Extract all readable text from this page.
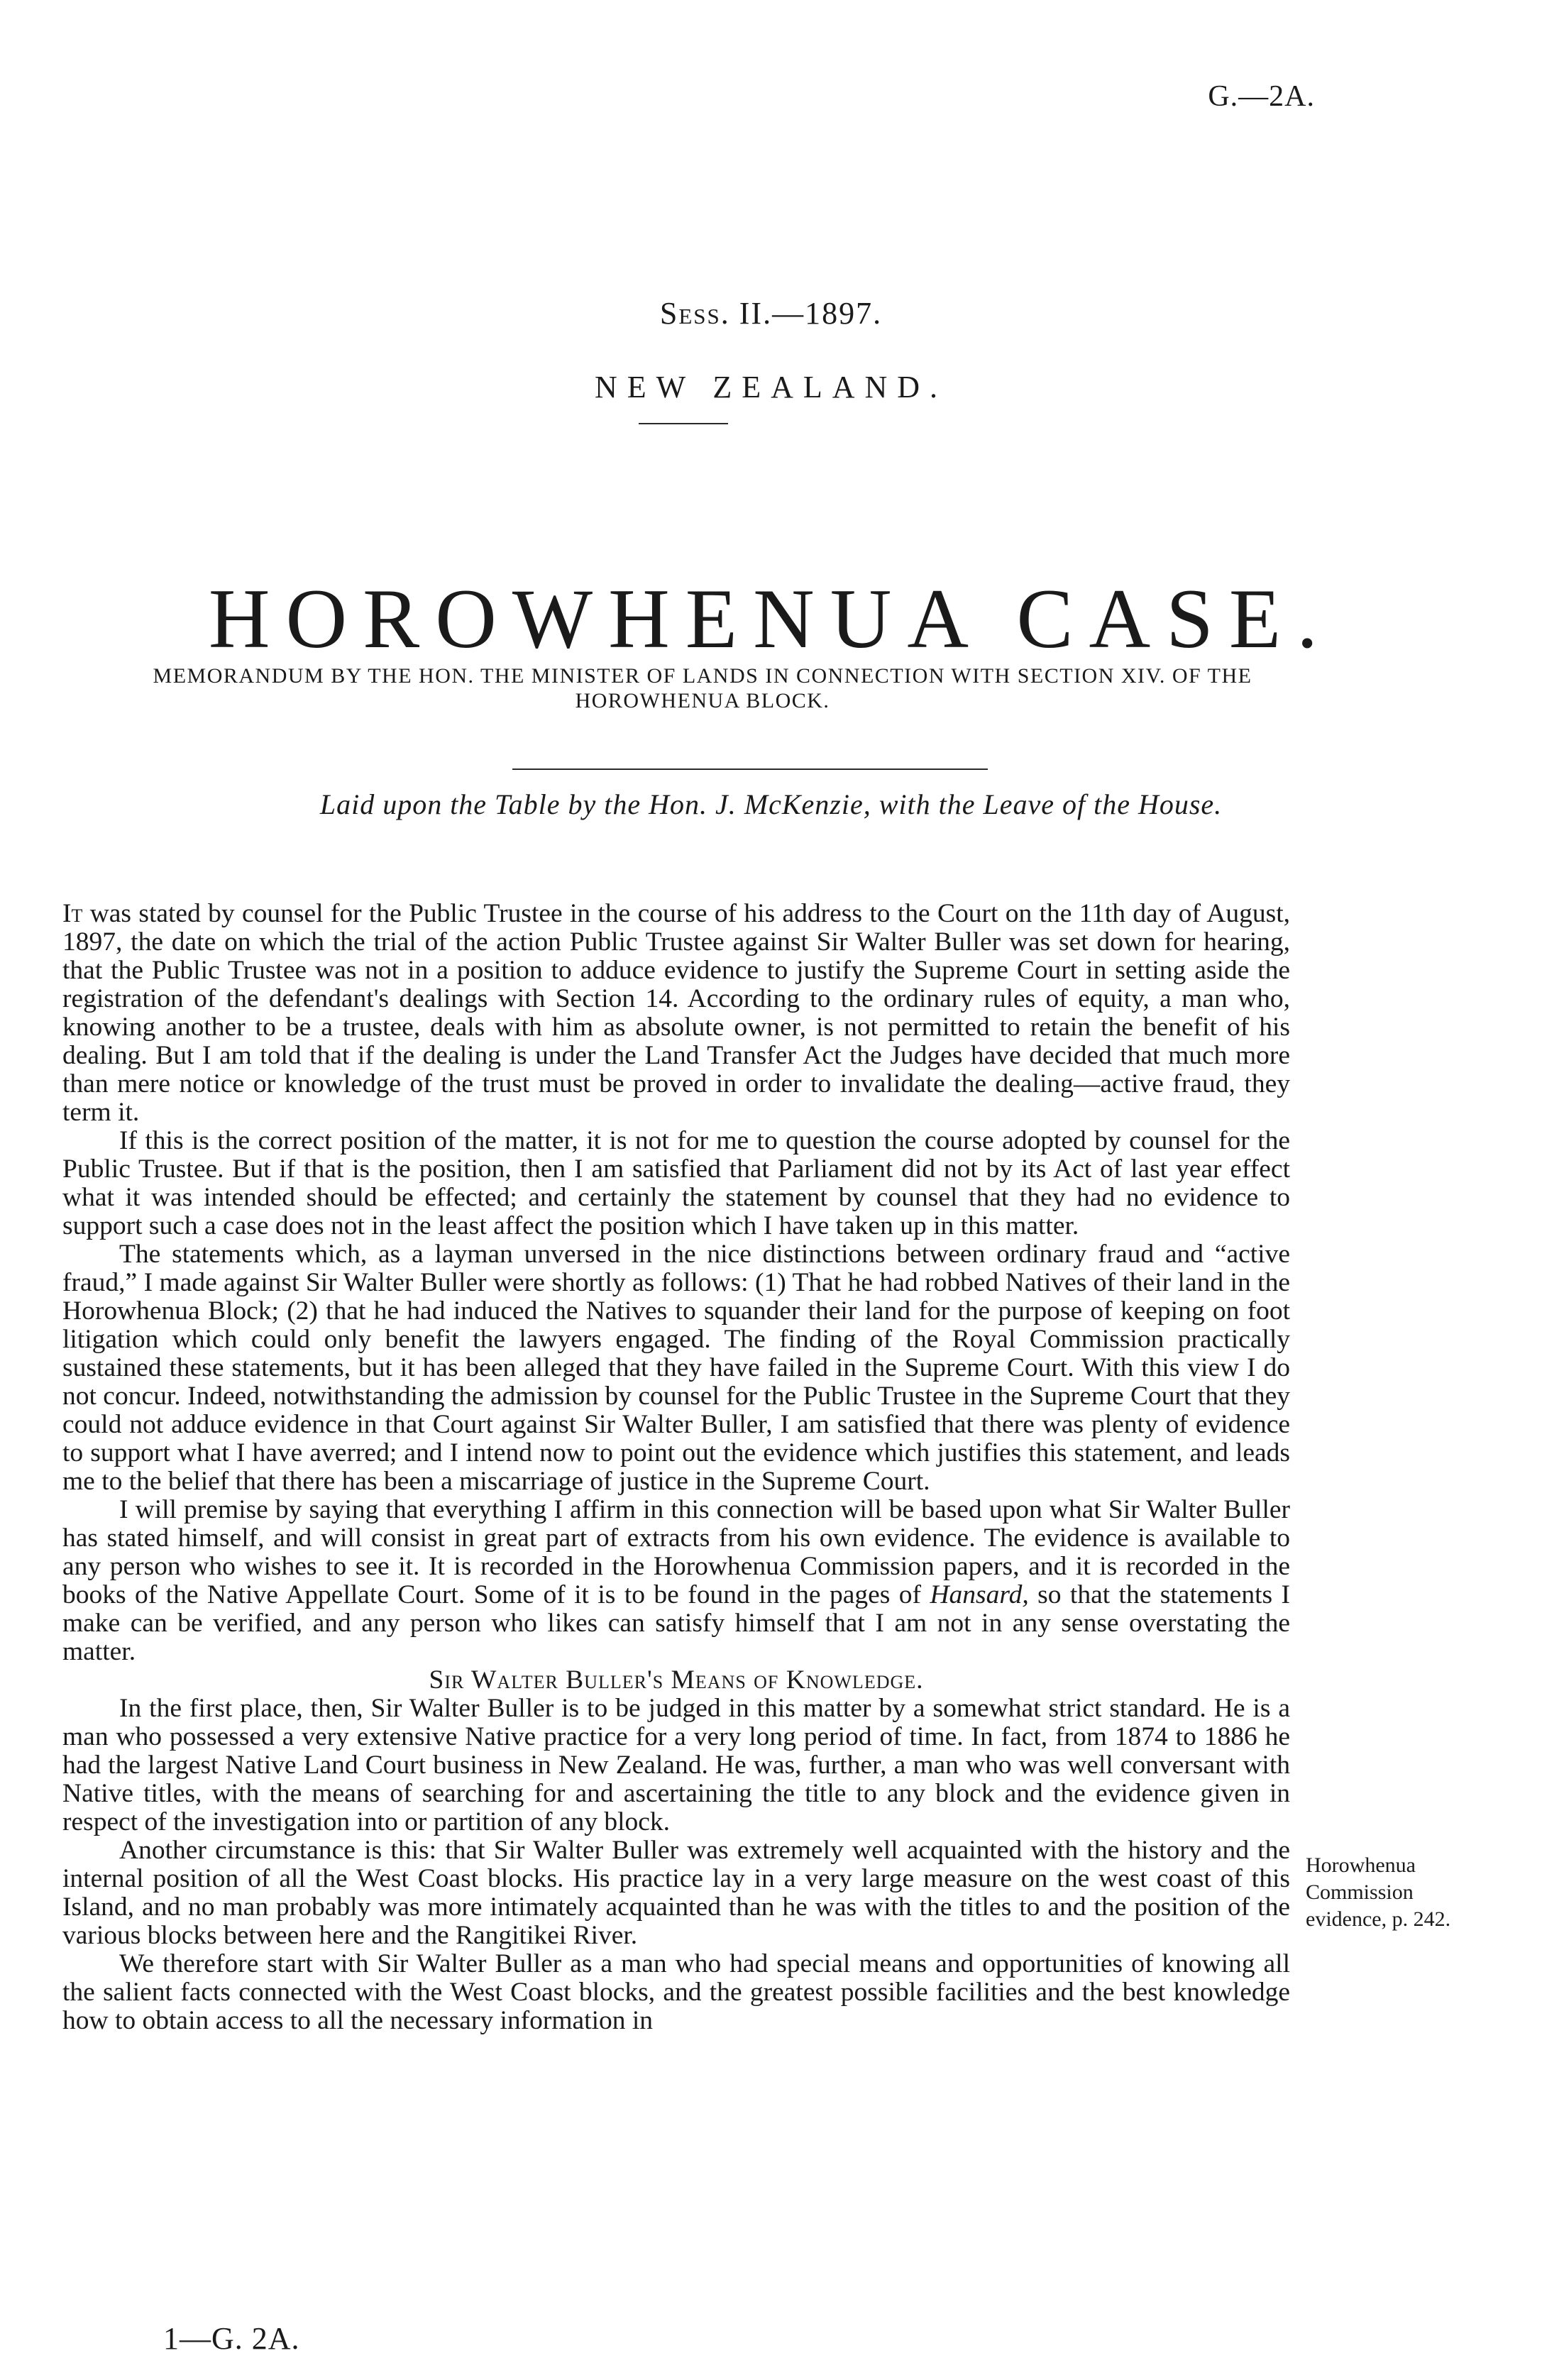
G.—2A.
Sess. II.—1897.
NEW ZEALAND.
HOROWHENUA CASE.
MEMORANDUM BY THE HON. THE MINISTER OF LANDS IN CONNECTION WITH SECTION XIV. OF THE HOROWHENUA BLOCK.
Laid upon the Table by the Hon. J. McKenzie, with the Leave of the House.

It was stated by counsel for the Public Trustee in the course of his address to the Court on the 11th day of August, 1897, the date on which the trial of the action Public Trustee against Sir Walter Buller was set down for hearing, that the Public Trustee was not in a position to adduce evidence to justify the Supreme Court in setting aside the registration of the defendant's dealings with Section 14. According to the ordinary rules of equity, a man who, knowing another to be a trustee, deals with him as absolute owner, is not permitted to retain the benefit of his dealing. But I am told that if the dealing is under the Land Transfer Act the Judges have decided that much more than mere notice or knowledge of the trust must be proved in order to invalidate the dealing—active fraud, they term it.

If this is the correct position of the matter, it is not for me to question the course adopted by counsel for the Public Trustee. But if that is the position, then I am satisfied that Parliament did not by its Act of last year effect what it was intended should be effected; and certainly the statement by counsel that they had no evidence to support such a case does not in the least affect the position which I have taken up in this matter.

The statements which, as a layman unversed in the nice distinctions between ordinary fraud and “active fraud,” I made against Sir Walter Buller were shortly as follows: (1) That he had robbed Natives of their land in the Horowhenua Block; (2) that he had induced the Natives to squander their land for the purpose of keeping on foot litigation which could only benefit the lawyers engaged. The finding of the Royal Commission practically sustained these statements, but it has been alleged that they have failed in the Supreme Court. With this view I do not concur. Indeed, notwithstanding the admission by counsel for the Public Trustee in the Supreme Court that they could not adduce evidence in that Court against Sir Walter Buller, I am satisfied that there was plenty of evidence to support what I have averred; and I intend now to point out the evidence which justifies this statement, and leads me to the belief that there has been a miscarriage of justice in the Supreme Court.

I will premise by saying that everything I affirm in this connection will be based upon what Sir Walter Buller has stated himself, and will consist in great part of extracts from his own evidence. The evidence is available to any person who wishes to see it. It is recorded in the Horowhenua Commission papers, and it is recorded in the books of the Native Appellate Court. Some of it is to be found in the pages of Hansard, so that the statements I make can be verified, and any person who likes can satisfy himself that I am not in any sense overstating the matter.

Sir Walter Buller's Means of Knowledge.

In the first place, then, Sir Walter Buller is to be judged in this matter by a somewhat strict standard. He is a man who possessed a very extensive Native practice for a very long period of time. In fact, from 1874 to 1886 he had the largest Native Land Court business in New Zealand. He was, further, a man who was well conversant with Native titles, with the means of searching for and ascertaining the title to any block and the evidence given in respect of the investigation into or partition of any block.

Another circumstance is this: that Sir Walter Buller was extremely well acquainted with the history and the internal position of all the West Coast blocks. His practice lay in a very large measure on the west coast of this Island, and no man probably was more intimately acquainted than he was with the titles to and the position of the various blocks between here and the Rangitikei River.

We therefore start with Sir Walter Buller as a man who had special means and opportunities of knowing all the salient facts connected with the West Coast blocks, and the greatest possible facilities and the best knowledge how to obtain access to all the necessary information in

Horowhenua
Commission
evidence, p. 242.
1—G. 2A.
